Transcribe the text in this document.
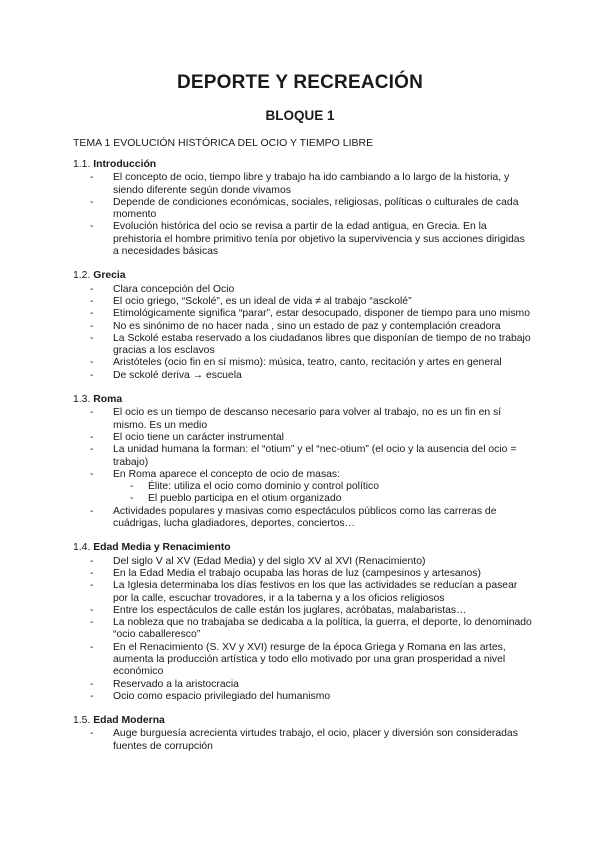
DEPORTE Y RECREACIÓN
BLOQUE 1
TEMA 1 EVOLUCIÓN HISTÓRICA DEL OCIO Y TIEMPO LIBRE
1.1. Introducción
- El concepto de ocio, tiempo libre y trabajo ha ido cambiando a lo largo de la historia, y siendo diferente según donde vivamos
- Depende de condiciones económicas, sociales, religiosas, políticas o culturales de cada momento
- Evolución histórica del ocio se revisa a partir de la edad antigua, en Grecia. En la prehistoria el hombre primitivo tenía por objetivo la supervivencia y sus acciones dirigidas a necesidades básicas
1.2. Grecia
- Clara concepción del Ocio
- El ocio griego, “Sckolé”, es un ideal de vida ≠ al trabajo “asckolé”
- Etimológicamente significa “parar”, estar desocupado, disponer de tiempo para uno mismo
- No es sinónimo de no hacer nada , sino un estado de paz y contemplación creadora
- La Sckolé estaba reservado a los ciudadanos libres que disponían de tiempo de no trabajo gracias a los esclavos
- Aristóteles (ocio fin en sí mismo): música, teatro, canto, recitación y artes en general
- De sckolé deriva → escuela
1.3. Roma
- El ocio es un tiempo de descanso necesario para volver al trabajo, no es un fin en sí mismo. Es un medio
- El ocio tiene un carácter instrumental
- La unidad humana la forman: el “otium” y el “nec-otium” (el ocio y la ausencia del ocio = trabajo)
- En Roma aparece el concepto de ocio de masas:
- Élite: utiliza el ocio como dominio y control político
- El pueblo participa en el otium organizado
- Actividades populares y masivas como espectáculos públicos como las carreras de cuádrigas, lucha gladiadores, deportes, conciertos…
1.4. Edad Media y Renacimiento
- Del siglo V al XV (Edad Media) y del siglo XV al XVI (Renacimiento)
- En la Edad Media el trabajo ocupaba las horas de luz (campesinos y artesanos)
- La Iglesia determinaba los días festivos en los que las actividades se reducían a pasear por la calle, escuchar trovadores, ir a la taberna y a los oficios religiosos
- Entre los espectáculos de calle están los juglares, acróbatas, malabaristas…
- La nobleza que no trabajaba se dedicaba a la política, la guerra, el deporte, lo denominado “ocio caballeresco”
- En el Renacimiento (S. XV y XVI) resurge de la época Griega y Romana en las artes, aumenta la producción artística y todo ello motivado por una gran prosperidad a nivel económico
- Reservado a la aristocracia
- Ocio como espacio privilegiado del humanismo
1.5. Edad Moderna
- Auge burguesía acrecienta virtudes trabajo, el ocio, placer y diversión son consideradas fuentes de corrupción
